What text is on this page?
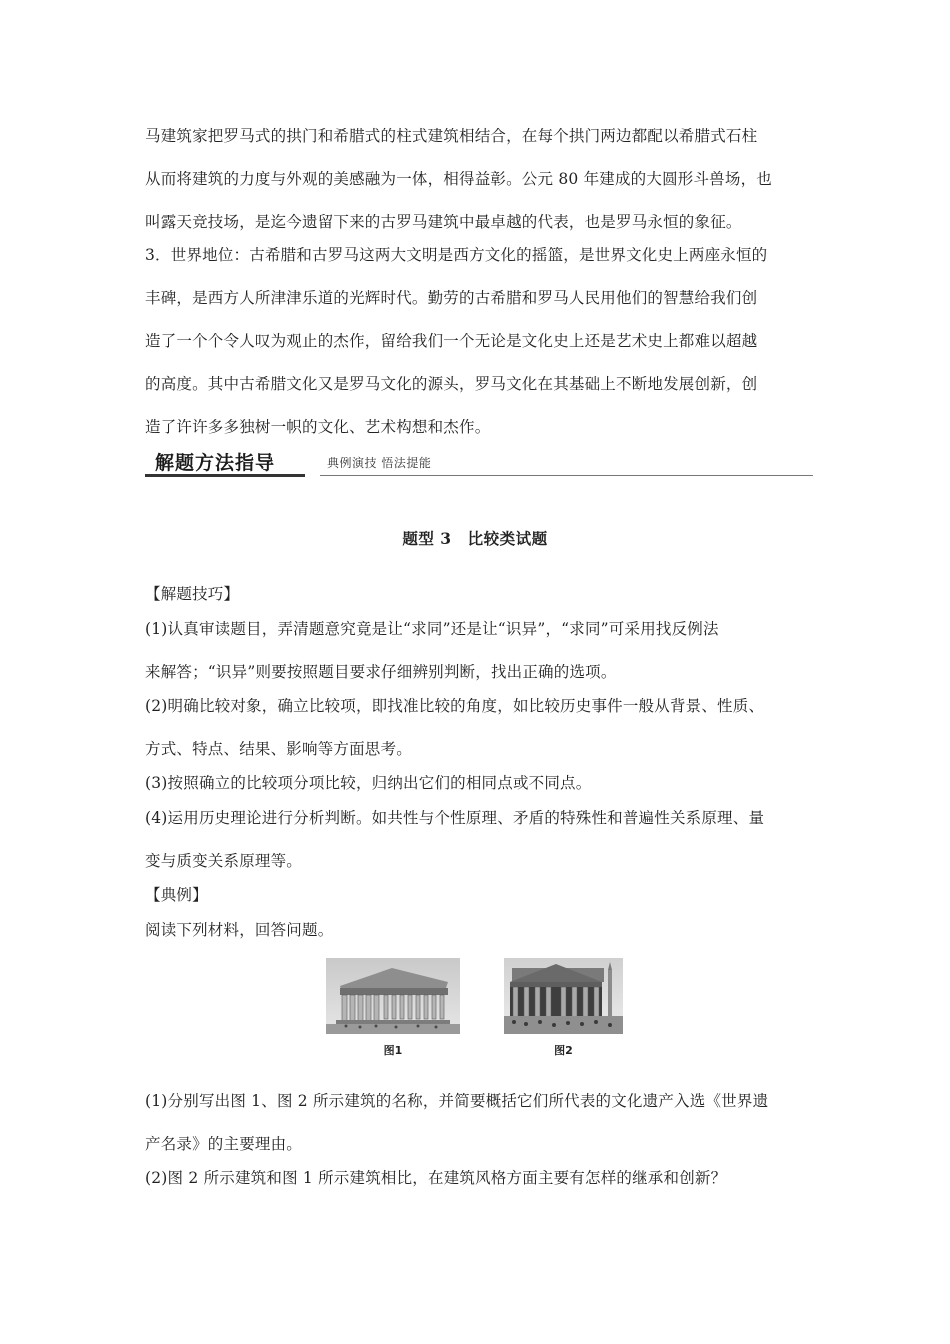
马建筑家把罗马式的拱门和希腊式的柱式建筑相结合，在每个拱门两边都配以希腊式石柱
从而将建筑的力度与外观的美感融为一体，相得益彰。公元 80 年建成的大圆形斗兽场，也
叫露天竞技场，是迄今遗留下来的古罗马建筑中最卓越的代表，也是罗马永恒的象征。
3．世界地位：古希腊和古罗马这两大文明是西方文化的摇篮，是世界文化史上两座永恒的
丰碑，是西方人所津津乐道的光辉时代。勤劳的古希腊和罗马人民用他们的智慧给我们创
造了一个个令人叹为观止的杰作，留给我们一个无论是文化史上还是艺术史上都难以超越
的高度。其中古希腊文化又是罗马文化的源头，罗马文化在其基础上不断地发展创新，创
造了许许多多独树一帜的文化、艺术构想和杰作。
解题方法指导	典例演技 悟法提能
题型 3　比较类试题
【解题技巧】
(1)认真审读题目，弄清题意究竟是让“求同”还是让“识异”，“求同”可采用找反例法
来解答；“识异”则要按照题目要求仔细辨别判断，找出正确的选项。
(2)明确比较对象，确立比较项，即找准比较的角度，如比较历史事件一般从背景、性质、
方式、特点、结果、影响等方面思考。
(3)按照确立的比较项分项比较，归纳出它们的相同点或不同点。
(4)运用历史理论进行分析判断。如共性与个性原理、矛盾的特殊性和普遍性关系原理、量
变与质变关系原理等。
【典例】
阅读下列材料，回答问题。
图1	图2
(1)分别写出图 1、图 2 所示建筑的名称，并简要概括它们所代表的文化遗产入选《世界遗
产名录》的主要理由。
(2)图 2 所示建筑和图 1 所示建筑相比，在建筑风格方面主要有怎样的继承和创新？
